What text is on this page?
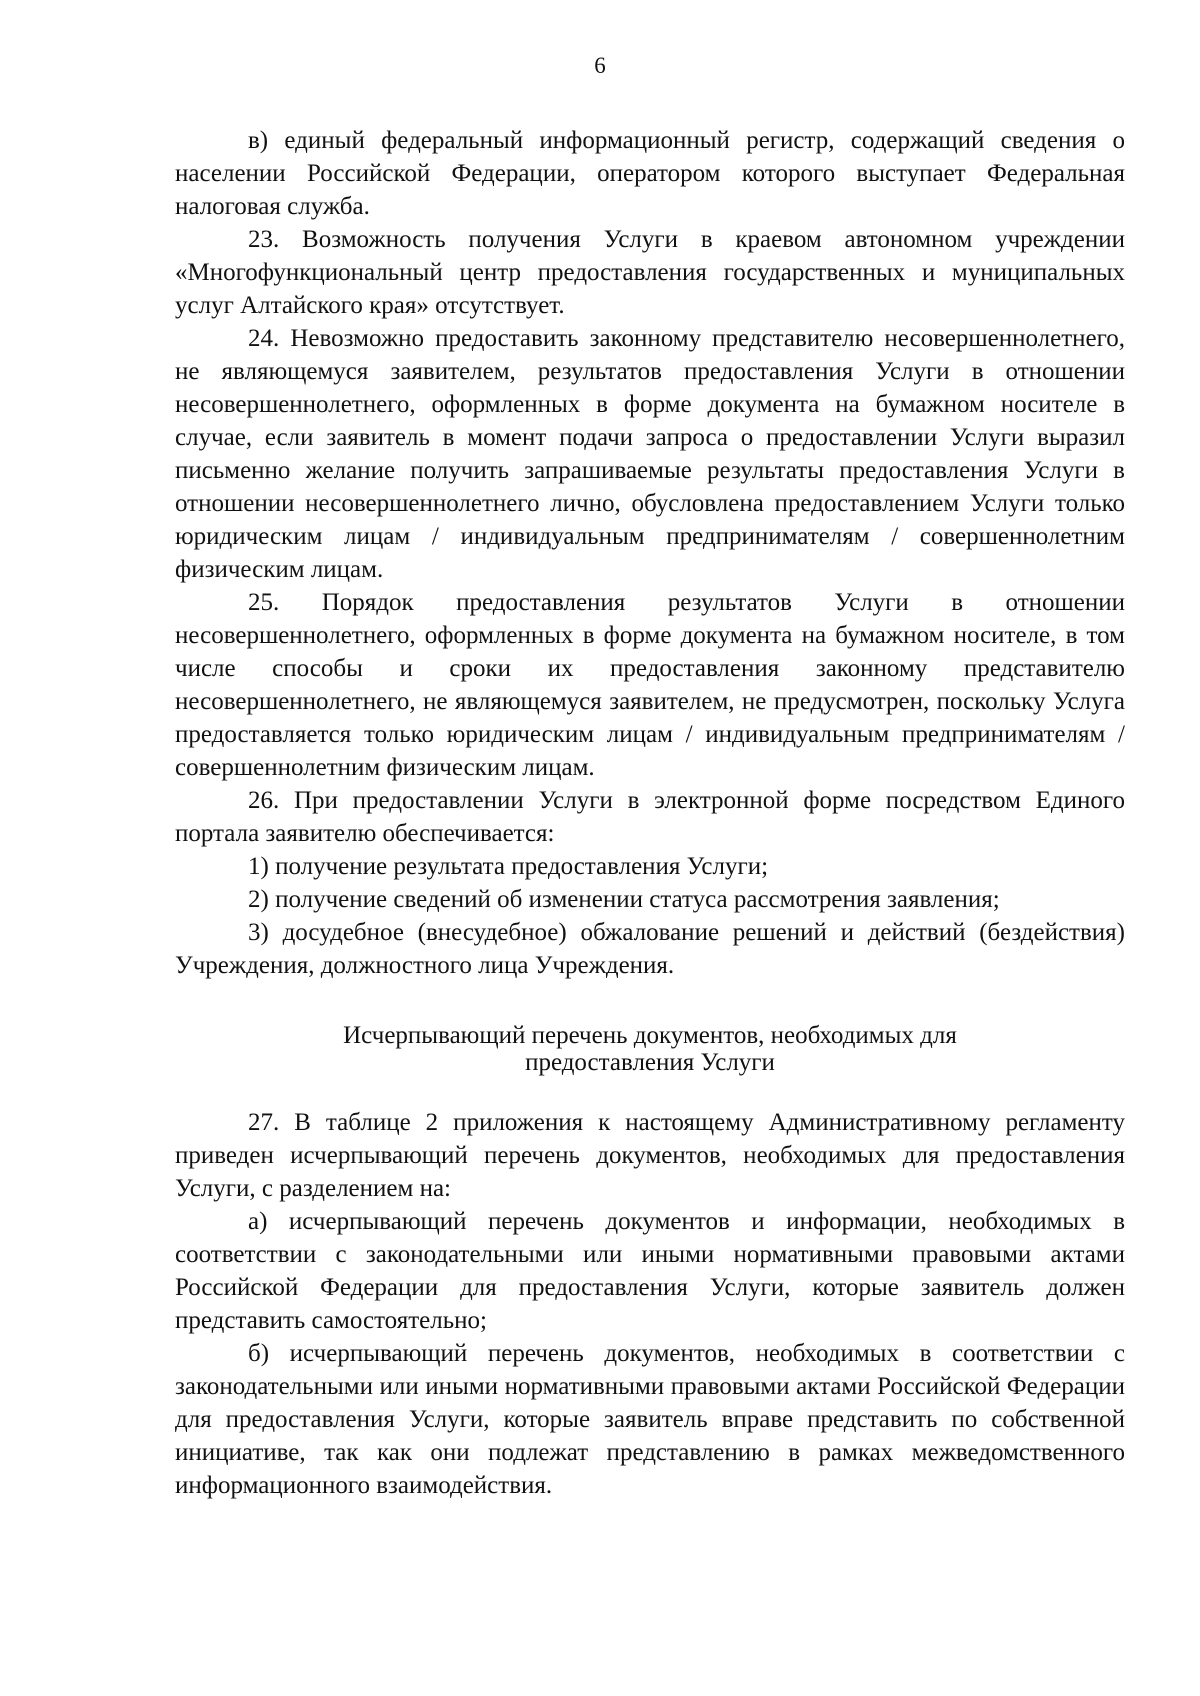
6

в) единый федеральный информационный регистр, содержащий сведения о населении Российской Федерации, оператором которого выступает Федеральная налоговая служба.

23. Возможность получения Услуги в краевом автономном учреждении «Многофункциональный центр предоставления государственных и муниципальных услуг Алтайского края» отсутствует.

24. Невозможно предоставить законному представителю несовершеннолетнего, не являющемуся заявителем, результатов предоставления Услуги в отношении несовершеннолетнего, оформленных в форме документа на бумажном носителе в случае, если заявитель в момент подачи запроса о предоставлении Услуги выразил письменно желание получить запрашиваемые результаты предоставления Услуги в отношении несовершеннолетнего лично, обусловлена предоставлением Услуги только юридическим лицам / индивидуальным предпринимателям / совершеннолетним физическим лицам.

25. Порядок предоставления результатов Услуги в отношении несовершеннолетнего, оформленных в форме документа на бумажном носителе, в том числе способы и сроки их предоставления законному представителю несовершеннолетнего, не являющемуся заявителем, не предусмотрен, поскольку Услуга предоставляется только юридическим лицам / индивидуальным предпринимателям / совершеннолетним физическим лицам.

26. При предоставлении Услуги в электронной форме посредством Единого портала заявителю обеспечивается:

1) получение результата предоставления Услуги;

2) получение сведений об изменении статуса рассмотрения заявления;

3) досудебное (внесудебное) обжалование решений и действий (бездействия) Учреждения, должностного лица Учреждения.

Исчерпывающий перечень документов, необходимых для
предоставления Услуги

27. В таблице 2 приложения к настоящему Административному регламенту приведен исчерпывающий перечень документов, необходимых для предоставления Услуги, с разделением на:

а) исчерпывающий перечень документов и информации, необходимых в соответствии с законодательными или иными нормативными правовыми актами Российской Федерации для предоставления Услуги, которые заявитель должен представить самостоятельно;

б) исчерпывающий перечень документов, необходимых в соответствии с законодательными или иными нормативными правовыми актами Российской Федерации для предоставления Услуги, которые заявитель вправе представить по собственной инициативе, так как они подлежат представлению в рамках межведомственного информационного взаимодействия.
